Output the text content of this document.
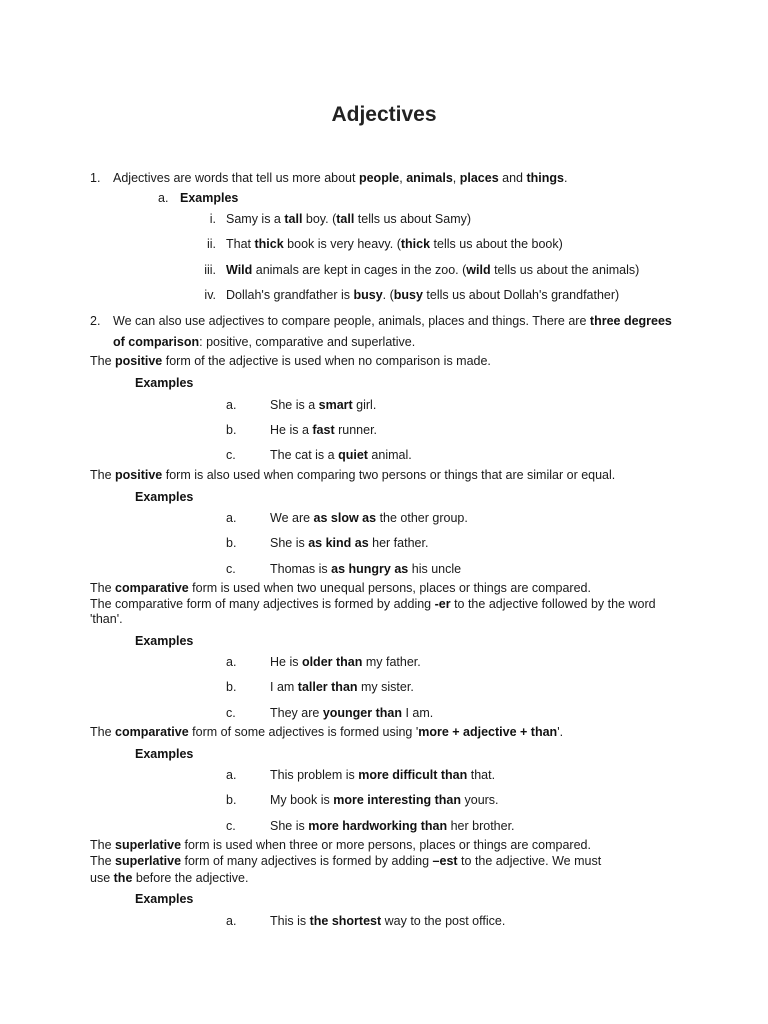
Adjectives
1. Adjectives are words that tell us more about people, animals, places and things.
a. Examples
i. Samy is a tall boy. (tall tells us about Samy)
ii. That thick book is very heavy. (thick tells us about the book)
iii. Wild animals are kept in cages in the zoo. (wild tells us about the animals)
iv. Dollah's grandfather is busy. (busy tells us about Dollah's grandfather)
2. We can also use adjectives to compare people, animals, places and things. There are three degrees
of comparison: positive, comparative and superlative.
The positive form of the adjective is used when no comparison is made.
Examples
a.	She is a smart girl.
b.	He is a fast runner.
c.	The cat is a quiet animal.
The positive form is also used when comparing two persons or things that are similar or equal.
Examples
a.	We are as slow as the other group.
b.	She is as kind as her father.
c.	Thomas is as hungry as his uncle
The comparative form is used when two unequal persons, places or things are compared.
The comparative form of many adjectives is formed by adding -er to the adjective followed by the word
'than'.
Examples
a.	He is older than my father.
b.	I am taller than my sister.
c.	They are younger than I am.
The comparative form of some adjectives is formed using 'more + adjective + than'.
Examples
a.	This problem is more difficult than that.
b.	My book is more interesting than yours.
c.	She is more hardworking than her brother.
The superlative form is used when three or more persons, places or things are compared.
The superlative form of many adjectives is formed by adding –est to the adjective. We must
use the before the adjective.
Examples
a.	This is the shortest way to the post office.
